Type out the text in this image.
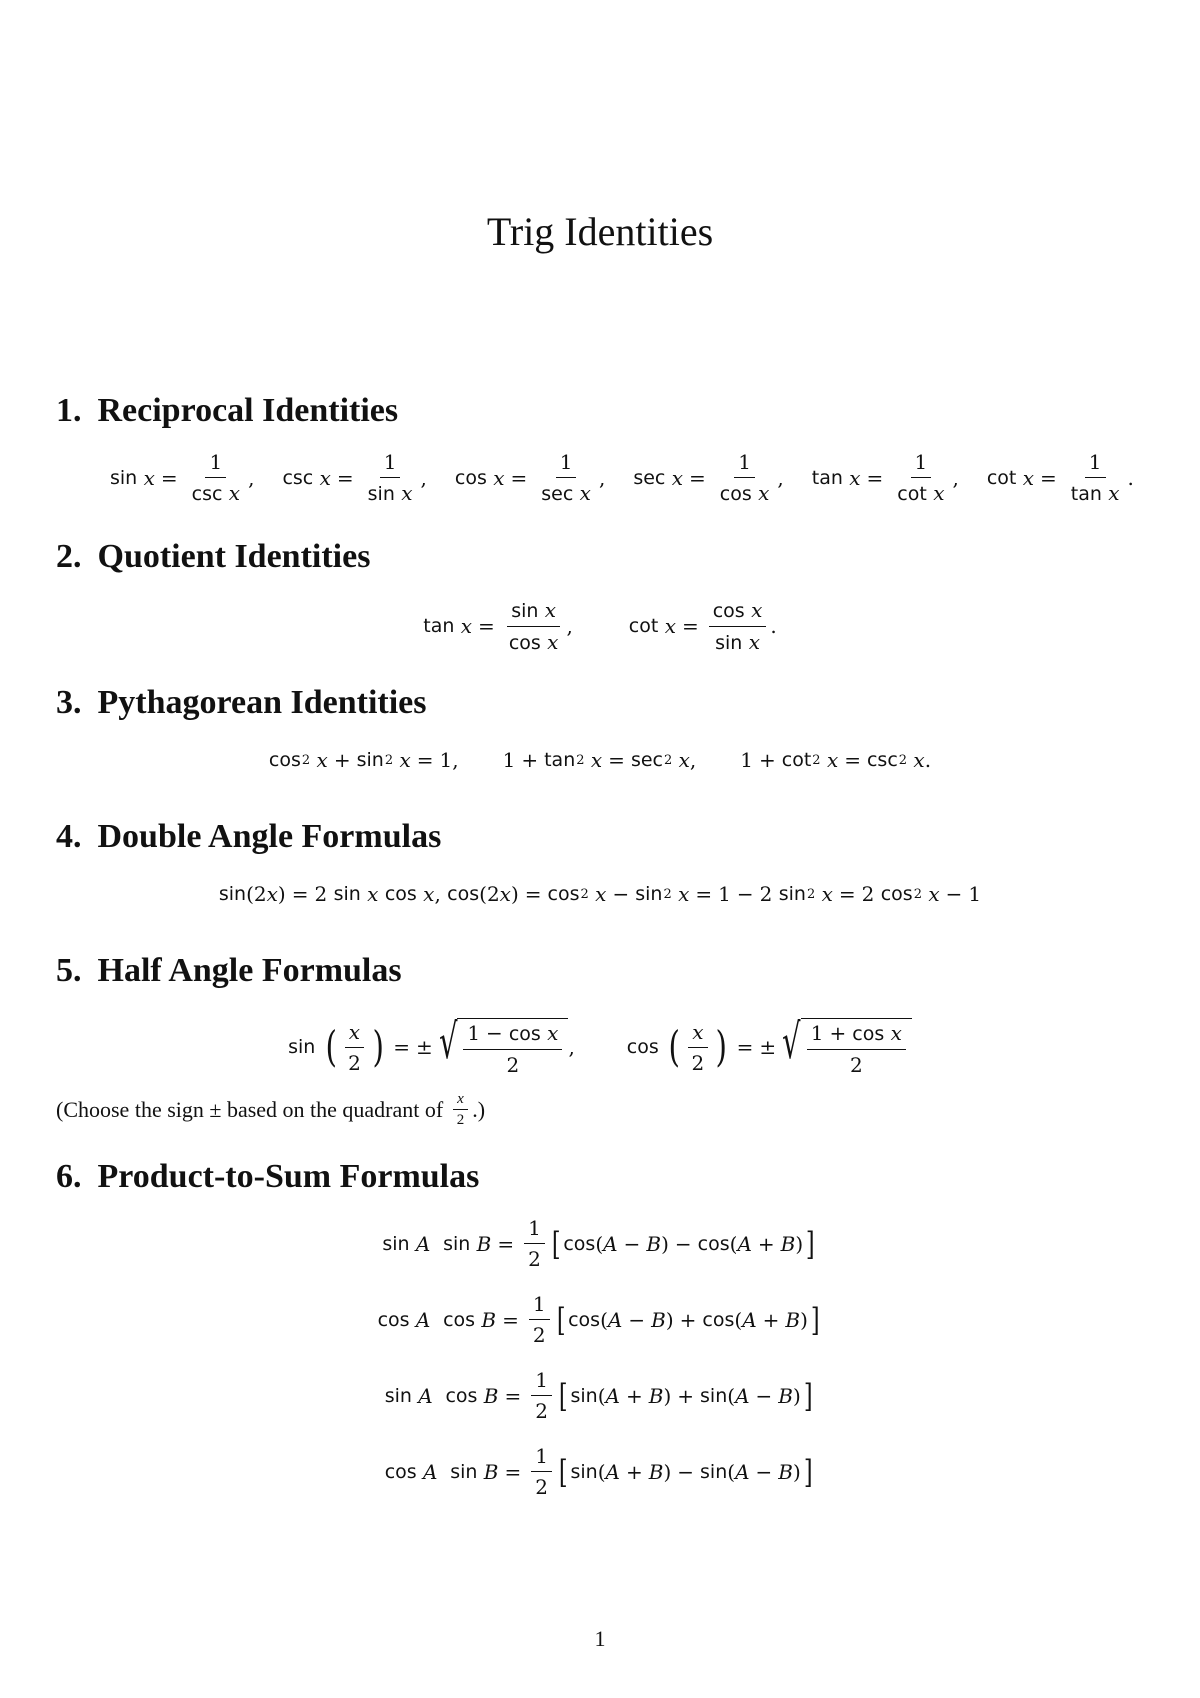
Trig Identities
1. Reciprocal Identities
sin
$x = \frac{1}{\text{csc x}}$ , csc
$x = \frac{1}{\text{sin x}}$ , cos
$x = \frac{1}{\text{sec x}}$ , sec
$x = \frac{1}{\text{cos x}}$ , tan
$x = \frac{1}{\text{cot x}}$ , cot
$x = \frac{1}{\text{tan x}}$ .
2. Quotient Identities
tan
$x = \frac{\text{sin x}}{\text{cos x}}$ ,	cot
$x = \frac{\text{cos x}}{\text{sin x}}$ .
3. Pythagorean Identities
cos 2
x + sin 2
x = 1,
1 + tan 2
x = sec 2
x ,
1 + cot 2
x = csc 2
x .
4. Double Angle Formulas
sin (2 x ) = 2 sin
x
cos
x , cos (2 x ) = cos 2
x − sin 2
x = 1 − 2 sin 2
x = 2 cos 2
x − 1
5. Half Angle Formulas
sin
( $\frac{x}{2}$ ) = ± √ $\frac{\text{1 − cos x}}{2}$ ,	cos
( $\frac{x}{2}$ ) = ± √ $\frac{\text{1 + cos x}}{2}$
(Choose the sign ± based on the quadrant of
$\frac{x}{2}$ .)
6. Product-to-Sum Formulas
sin
A
sin
$B = \frac{1}{2}$ [ cos ( A − B ) − cos ( A + B ) ]
cos
A
cos
$B = \frac{1}{2}$ [ cos ( A − B ) + cos ( A + B ) ]
sin
A
cos
$B = \frac{1}{2}$ [ sin ( A + B ) + sin ( A − B ) ]
cos
A
sin
$B = \frac{1}{2}$ [ sin ( A + B ) − sin ( A − B ) ]
1
